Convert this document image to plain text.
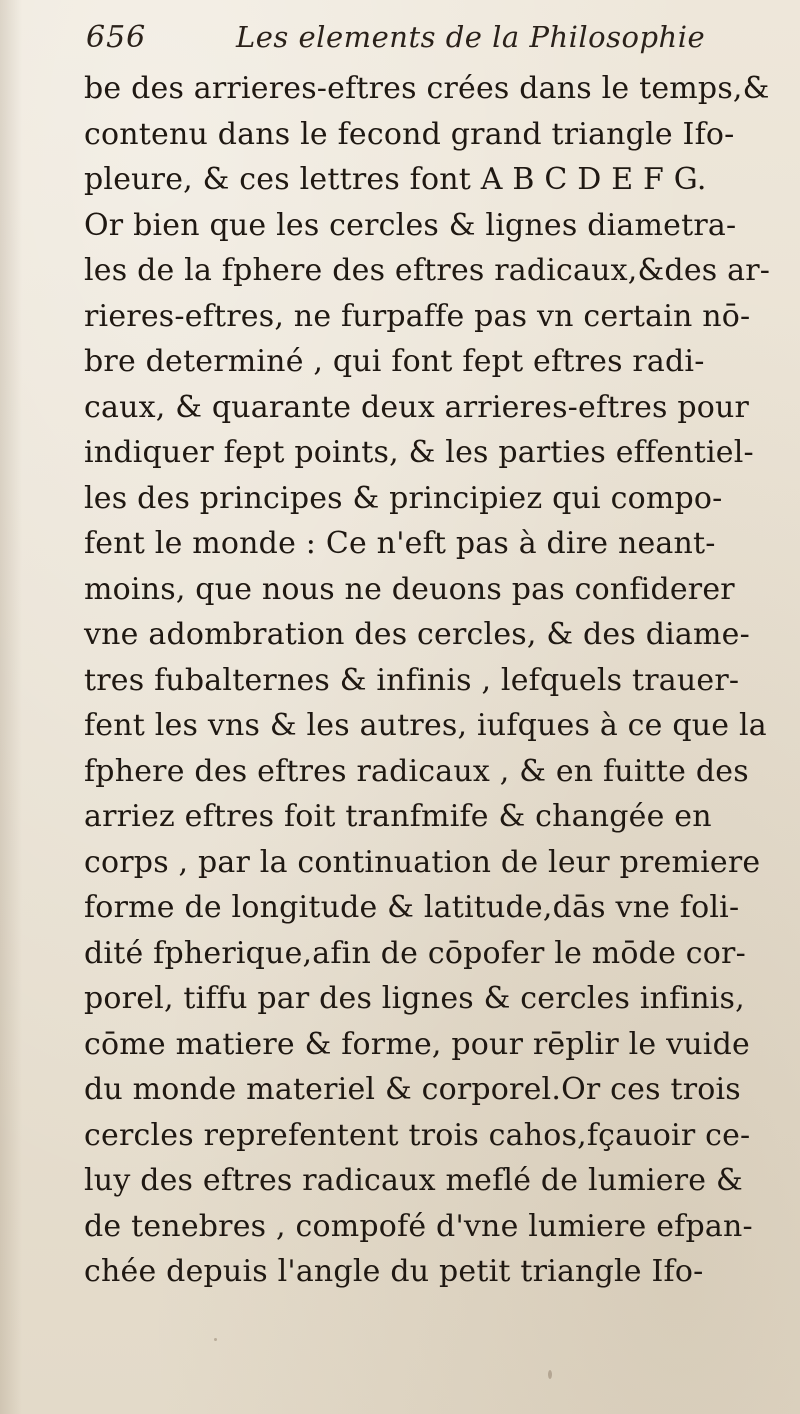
656	Les elements de la Philosophie
be des arrieres-eftres crées dans le temps,&
contenu dans le fecond grand triangle Ifo-
pleure, & ces lettres font A B C D E F G.
Or bien que les cercles & lignes diametra-
les de la fphere des eftres radicaux,&des ar-
rieres-eftres, ne furpaffe pas vn certain nō-
bre determiné , qui font fept eftres radi-
caux, & quarante deux arrieres-eftres pour
indiquer fept points, & les parties effentiel-
les des principes & principiez qui compo-
fent le monde : Ce n'eft pas à dire neant-
moins, que nous ne deuons pas confiderer
vne adombration des cercles, & des diame-
tres fubalternes & infinis , lefquels trauer-
fent les vns & les autres, iufques à ce que la
fphere des eftres radicaux , & en fuitte des
arriez eftres foit tranfmife & changée en
corps , par la continuation de leur premiere
forme de longitude & latitude,dās vne foli-
dité fpherique,afin de cōpofer le mōde cor-
porel, tiffu par des lignes & cercles infinis,
cōme matiere & forme, pour rēplir le vuide
du monde materiel & corporel.Or ces trois
cercles reprefentent trois cahos,fçauoir ce-
luy des eftres radicaux meflé de lumiere &
de tenebres , compofé d'vne lumiere efpan-
chée depuis l'angle du petit triangle Ifo-
